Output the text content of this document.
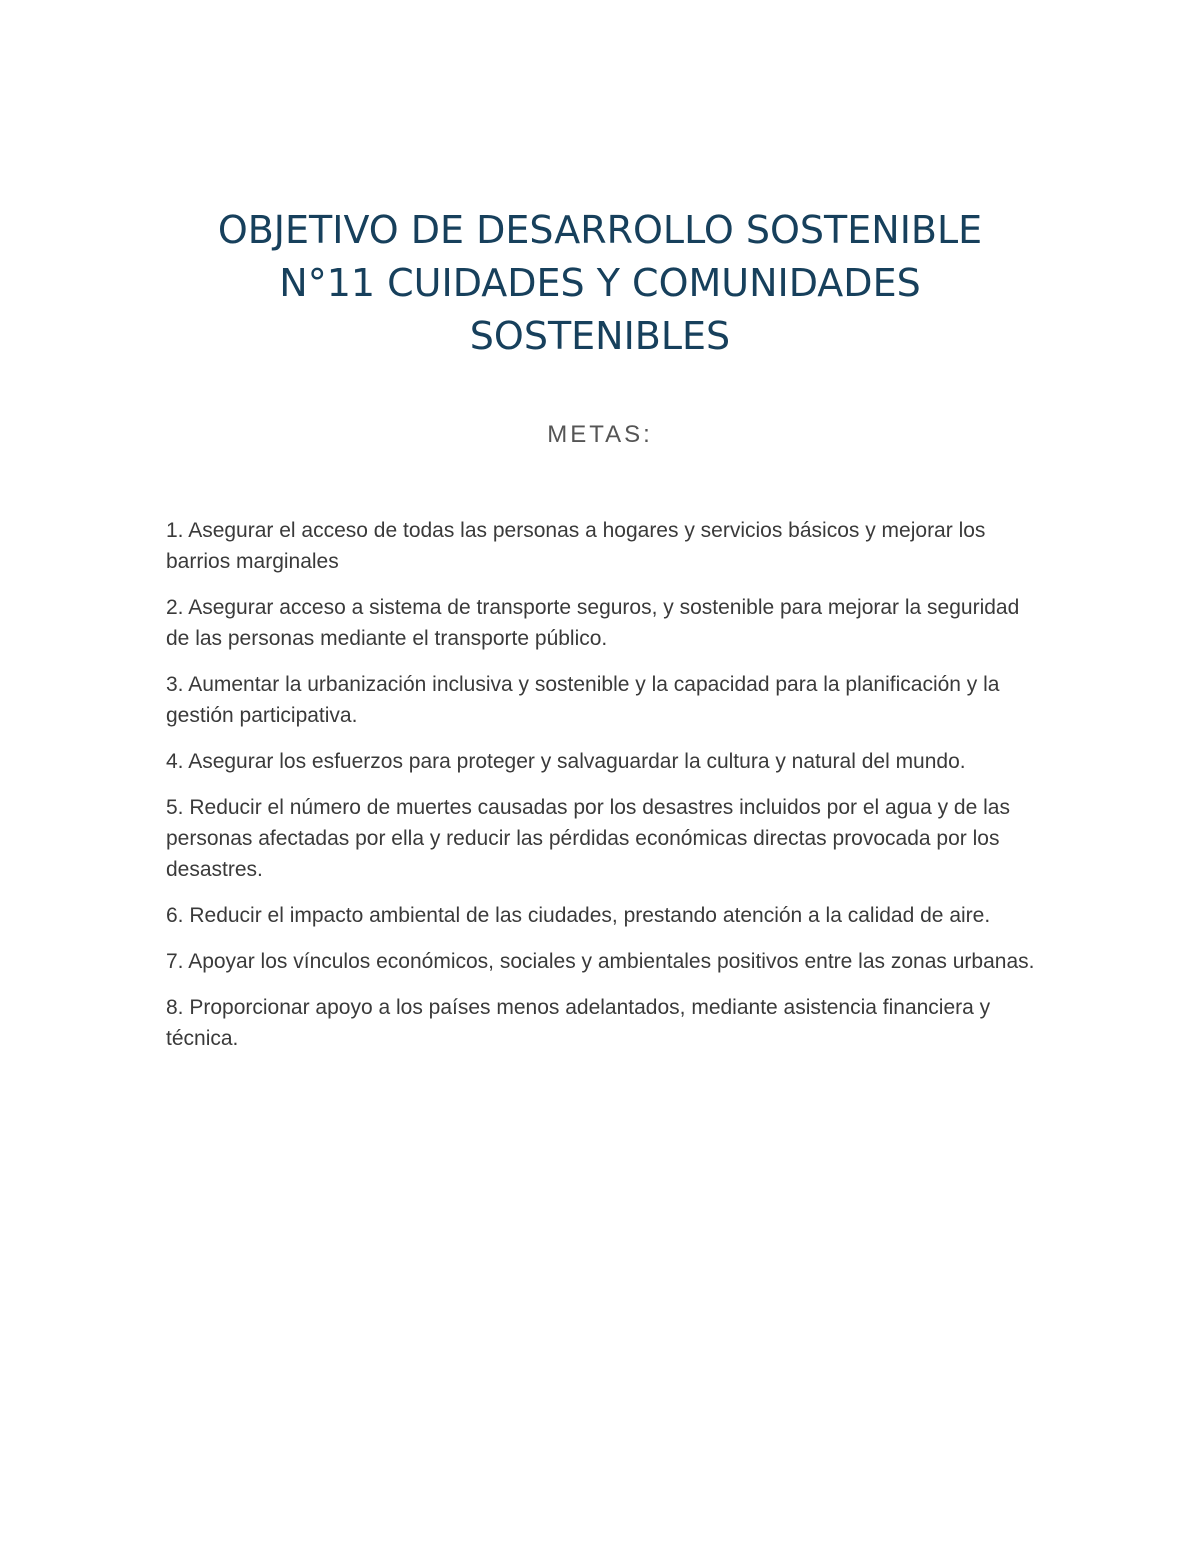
OBJETIVO DE DESARROLLO SOSTENIBLE
N°11 CUIDADES Y COMUNIDADES
SOSTENIBLES
METAS:
1. Asegurar el acceso de todas las personas a hogares y servicios básicos y mejorar los barrios marginales
2. Asegurar acceso a sistema de transporte seguros, y sostenible para mejorar la seguridad de las personas mediante el transporte público.
3. Aumentar la urbanización inclusiva y sostenible y la capacidad para la planificación y la gestión participativa.
4. Asegurar los esfuerzos para proteger y salvaguardar la cultura y natural del mundo.
5. Reducir el número de muertes causadas por los desastres incluidos por el agua y de las personas afectadas por ella y reducir las pérdidas económicas directas provocada por los desastres.
6. Reducir el impacto ambiental de las ciudades, prestando atención a la calidad de aire.
7. Apoyar los vínculos económicos, sociales y ambientales positivos entre las zonas urbanas.
8. Proporcionar apoyo a los países menos adelantados, mediante asistencia financiera y técnica.
